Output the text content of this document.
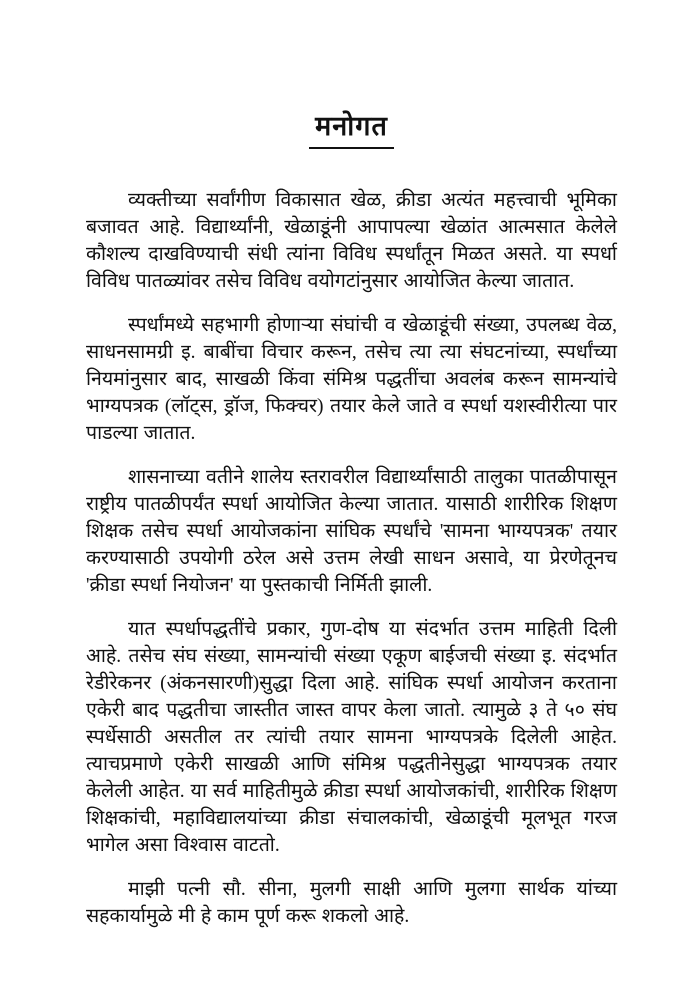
मनोगत

व्यक्तीच्या सर्वांगीण विकासात खेळ, क्रीडा अत्यंत महत्त्वाची भूमिका बजावत आहे. विद्यार्थ्यांनी, खेळाडूंनी आपापल्या खेळांत आत्मसात केलेले कौशल्य दाखविण्याची संधी त्यांना विविध स्पर्धांतून मिळत असते. या स्पर्धा विविध पातळ्यांवर तसेच विविध वयोगटांनुसार आयोजित केल्या जातात.

स्पर्धांमध्ये सहभागी होणाऱ्या संघांची व खेळाडूंची संख्या, उपलब्ध वेळ, साधनसामग्री इ. बाबींचा विचार करून, तसेच त्या त्या संघटनांच्या, स्पर्धांच्या नियमांनुसार बाद, साखळी किंवा संमिश्र पद्धतींचा अवलंब करून सामन्यांचे भाग्यपत्रक (लॉट्स, ड्रॉज, फिक्चर) तयार केले जाते व स्पर्धा यशस्वीरीत्या पार पाडल्या जातात.

शासनाच्या वतीने शालेय स्तरावरील विद्यार्थ्यांसाठी तालुका पातळीपासून राष्ट्रीय पातळीपर्यंत स्पर्धा आयोजित केल्या जातात. यासाठी शारीरिक शिक्षण शिक्षक तसेच स्पर्धा आयोजकांना सांघिक स्पर्धांचे 'सामना भाग्यपत्रक' तयार करण्यासाठी उपयोगी ठरेल असे उत्तम लेखी साधन असावे, या प्रेरणेतूनच 'क्रीडा स्पर्धा नियोजन' या पुस्तकाची निर्मिती झाली.

यात स्पर्धापद्धतींचे प्रकार, गुण-दोष या संदर्भात उत्तम माहिती दिली आहे. तसेच संघ संख्या, सामन्यांची संख्या एकूण बाईजची संख्या इ. संदर्भात रेडीरेकनर (अंकनसारणी)सुद्धा दिला आहे. सांघिक स्पर्धा आयोजन करताना एकेरी बाद पद्धतीचा जास्तीत जास्त वापर केला जातो. त्यामुळे ३ ते ५० संघ स्पर्धेसाठी असतील तर त्यांची तयार सामना भाग्यपत्रके दिलेली आहेत. त्याचप्रमाणे एकेरी साखळी आणि संमिश्र पद्धतीनेसुद्धा भाग्यपत्रक तयार केलेली आहेत. या सर्व माहितीमुळे क्रीडा स्पर्धा आयोजकांची, शारीरिक शिक्षण शिक्षकांची, महाविद्यालयांच्या क्रीडा संचालकांची, खेळाडूंची मूलभूत गरज भागेल असा विश्वास वाटतो.

माझी पत्नी सौ. सीना, मुलगी साक्षी आणि मुलगा सार्थक यांच्या सहकार्यामुळे मी हे काम पूर्ण करू शकलो आहे.
